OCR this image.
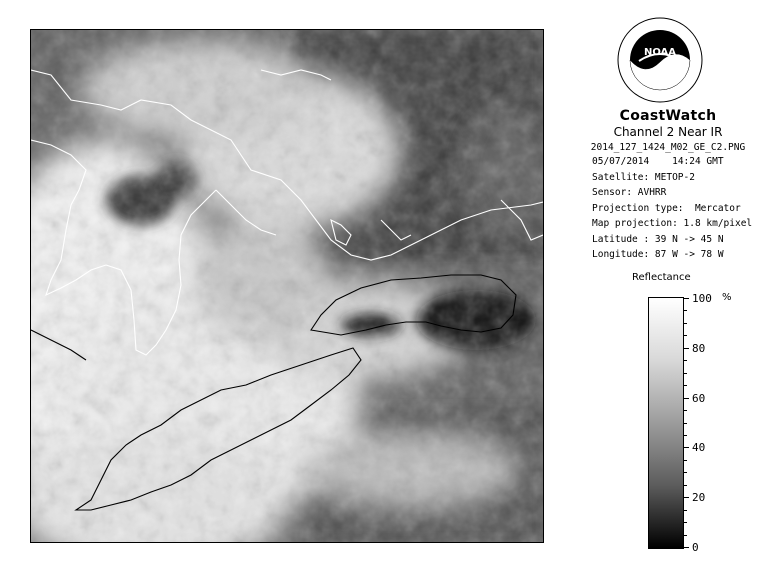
NOAA
CoastWatch
Channel 2 Near IR
2014_127_1424_M02_GE_C2.PNG
05/07/2014 14:24 GMT
Satellite: METOP-2
Sensor: AVHRR
Projection type:  Mercator
Map projection: 1.8 km/pixel
Latitude : 39 N -> 45 N
Longitude: 87 W -> 78 W
Reflectance
%
100
80
60
40
20
0
